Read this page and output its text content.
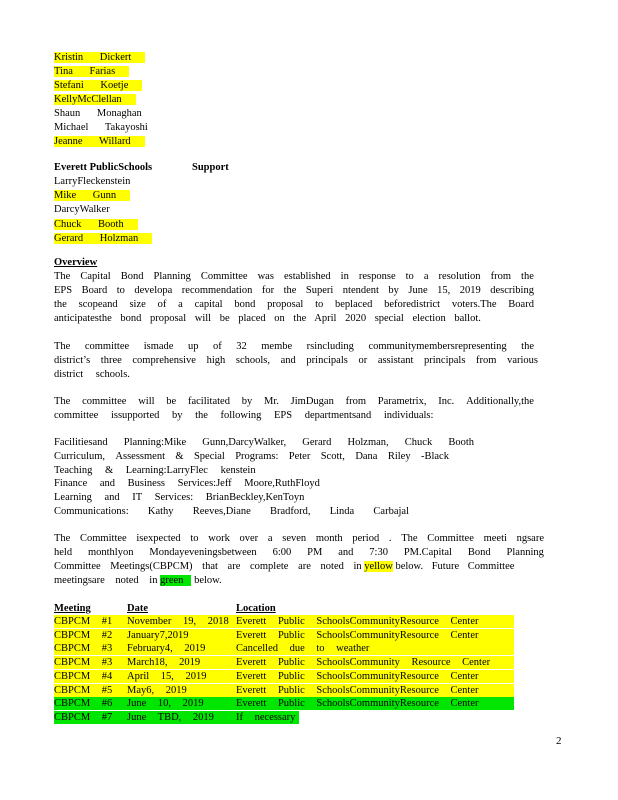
Kristin Dickert
Tina Farias
Stefani Koetje
KellyMcClellan
Shaun Monaghan
Michael Takayoshi
Jeanne Willard
Everett PublicSchools	Support
LarryFleckenstein
Mike Gunn
DarcyWalker
Chuck Booth
Gerard Holzman
Overview
The Capital Bond Planning Committee was established in response to a resolution from the
EPS Board to developa recommendation for the Superi ntendent by June 15, 2019 describing
the scopeand size of a capital bond proposal to beplaced beforedistrict voters.The Board
anticipatesthe bond proposal will be placed on the April 2020 special election ballot.
The committee ismade up of 32 membe rsincluding communitymembersrepresenting the
district’s three comprehensive high schools, and principals or assistant principals from various
district schools.
The committee will be facilitated by Mr. JimDugan from Parametrix, Inc. Additionally,the
committee issupported by the following EPS departmentsand individuals:
Facilitiesand Planning:Mike Gunn,DarcyWalker, Gerard Holzman, Chuck Booth
Curriculum, Assessment & Special Programs: Peter Scott, Dana Riley -Black
Teaching & Learning:LarryFlec kenstein
Finance and Business Services:Jeff Moore,RuthFloyd
Learning and IT Services: BrianBeckley,KenToyn
Communications: Kathy Reeves,Diane Bradford, Linda Carbajal
The Committee isexpected to work over a seven month period . The Committee meeti ngsare
held monthlyon Mondayeveningsbetween 6:00 PM and 7:30 PM.Capital Bond Planning
Committee Meetings(CBPCM) that are complete are noted in yellow below. Future Committee
meetingsare noted in green below.
Meeting	Date	Location
CBPCM #1 November 19, 2018 Everett Public SchoolsCommunityResource Center
CBPCM #2 January7,2019	Everett Public SchoolsCommunityResource Center
CBPCM #3 February4, 2019	Cancelled due to weather
CBPCM #3 March18, 2019	Everett Public SchoolsCommunity Resource Center
CBPCM #4 April 15, 2019	Everett Public SchoolsCommunityResource Center
CBPCM #5 May6, 2019	Everett Public SchoolsCommunityResource Center
CBPCM #6 June 10, 2019	Everett Public SchoolsCommunityResource Center
CBPCM #7 June TBD, 2019 If necessary
2
